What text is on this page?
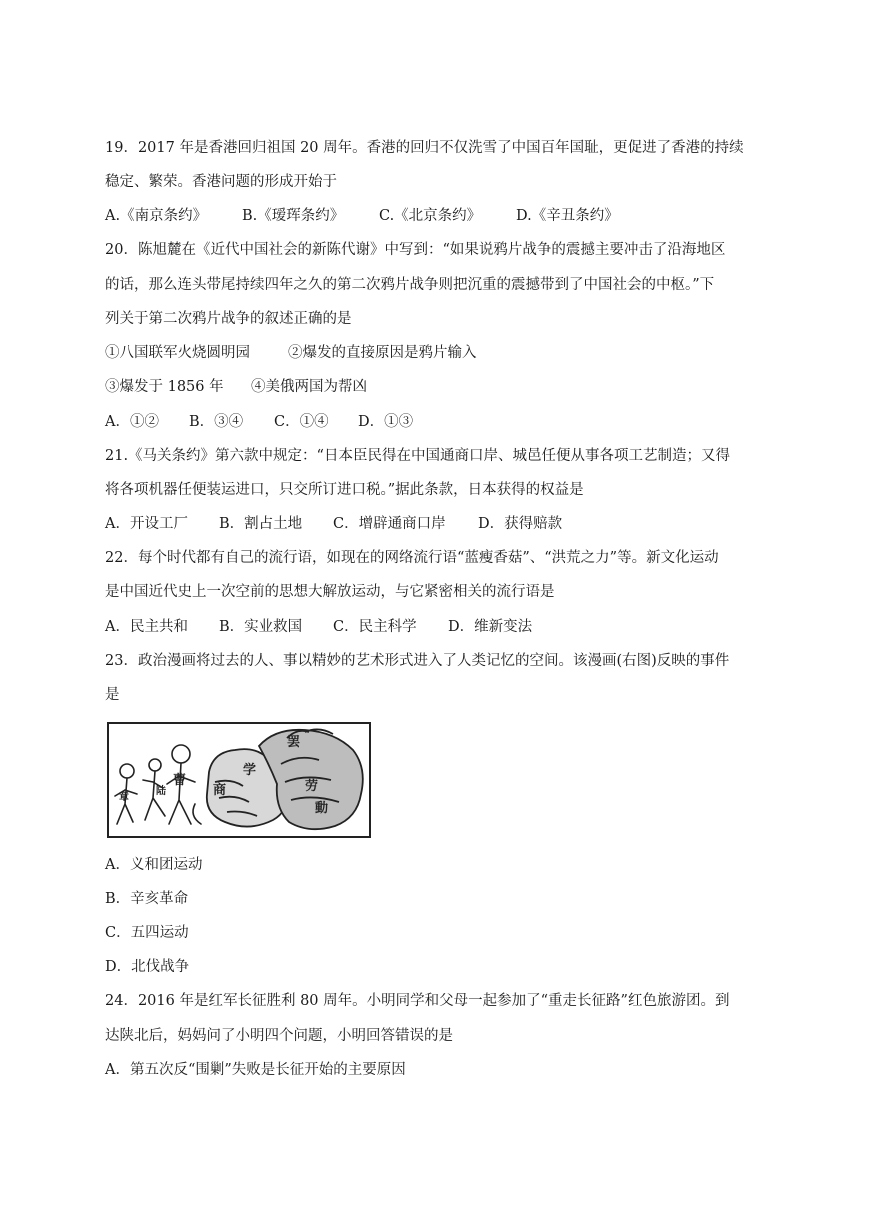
19．2017 年是香港回归祖国 20 周年。香港的回归不仅洗雪了中国百年国耻，更促进了香港的持续
稳定、繁荣。香港问题的形成开始于
A.《南京条约》 B.《瑷珲条约》 C.《北京条约》 D.《辛丑条约》
20．陈旭麓在《近代中国社会的新陈代谢》中写到：“如果说鸦片战争的震撼主要冲击了沿海地区
的话，那么连头带尾持续四年之久的第二次鸦片战争则把沉重的震撼带到了中国社会的中枢。”下
列关于第二次鸦片战争的叙述正确的是
①八国联军火烧圆明园	②爆发的直接原因是鸦片输入
③爆发于 1856 年 ④美俄两国为帮凶
A．①② B．③④ C．①④ D．①③
21.《马关条约》第六款中规定：“日本臣民得在中国通商口岸、城邑任便从事各项工艺制造；又得
将各项机器任便装运进口，只交所订进口税。”据此条款，日本获得的权益是
A．开设工厂 B．割占土地 C．增辟通商口岸 D．获得赔款
22．每个时代都有自己的流行语，如现在的网络流行语“蓝瘦香菇”、“洪荒之力”等。新文化运动
是中国近代史上一次空前的思想大解放运动，与它紧密相关的流行语是
A．民主共和 B．实业救国 C．民主科学 D．维新变法
23．政治漫画将过去的人、事以精妙的艺术形式进入了人类记忆的空间。该漫画(右图)反映的事件
是
章
陆
曹
商
学
罢
劳
動
A．义和团运动
B．辛亥革命
C．五四运动
D．北伐战争
24．2016 年是红军长征胜利 80 周年。小明同学和父母一起参加了“重走长征路”红色旅游团。到
达陕北后，妈妈问了小明四个问题，小明回答错误的是
A．第五次反“围剿”失败是长征开始的主要原因
